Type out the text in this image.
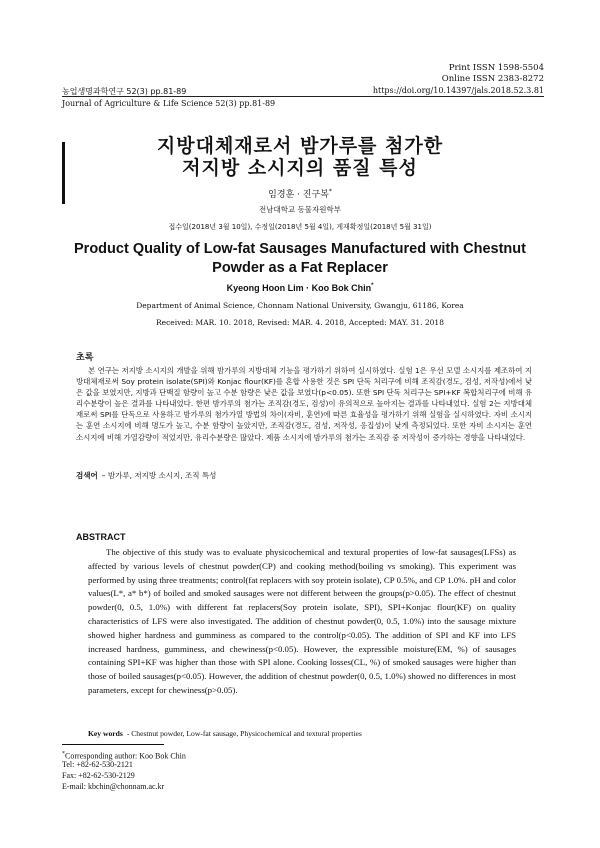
Print ISSN 1598-5504
Online ISSN 2383-8272
농업생명과학연구 52(3) pp.81-89	https://doi.org/10.14397/jals.2018.52.3.81
Journal of Agriculture & Life Science 52(3) pp.81-89
지방대체재로서 밤가루를 첨가한
저지방 소시지의 품질 특성
임경훈 · 진구복*
전남대학교 동물자원학부
접수일(2018년 3월 10일), 수정일(2018년 5월 4일), 게재확정일(2018년 5월 31일)
Product Quality of Low-fat Sausages Manufactured with Chestnut
Powder as a Fat Replacer
Kyeong Hoon Lim · Koo Bok Chin*
Department of Animal Science, Chonnam National University, Gwangju, 61186, Korea
Received: MAR. 10. 2018, Revised: MAR. 4. 2018, Accepted: MAY. 31. 2018
초록

본 연구는 저지방 소시지의 개발을 위해 밤가루의 지방대체 기능을 평가하기 위하여 실시하였다. 실험 1은 우선 모델 소시지를 제조하여 지방대체재로써 Soy protein isolate(SPI)와 Konjac flour(KF)를 혼합 사용한 것은 SPI 단독 처리구에 비해 조직감(경도, 검성, 저작성)에서 낮은 값을 보였지만, 지방과 단백질 함량이 높고 수분 함량은 낮은 값을 보였다(p<0.05). 또한 SPI 단독 처리구는 SPI+KF 복합처리구에 비해 유리수분량이 높은 결과를 나타내었다. 한편 밤가루의 첨가는 조직감(경도, 검성)이 유의적으로 높아지는 결과를 나타내었다. 실험 2는 지방대체재로써 SPI를 단독으로 사용하고 밤가루의 첨가가열 방법의 차이(자비, 훈연)에 따른 효율성을 평가하기 위해 실험을 실시하였다. 자비 소시지는 훈연 소시지에 비해 명도가 높고, 수분 함량이 높았지만, 조직감(경도, 검성, 저작성, 응집성)이 낮게 측정되었다. 또한 자비 소시지는 훈연 소시지에 비해 가열감량이 적었지만, 유리수분량은 많았다. 제품 소시지에 밤가루의 첨가는 조직감 중 저작성이 증가하는 경향을 나타내었다.

검색어 – 밤가루, 저지방 소시지, 조직 특성
ABSTRACT

The objective of this study was to evaluate physicochemical and textural properties of low-fat sausages(LFSs) as affected by various levels of chestnut powder(CP) and cooking method(boiling vs smoking). This experiment was performed by using three treatments; control(fat replacers with soy protein isolate), CP 0.5%, and CP 1.0%. pH and color values(L*, a* b*) of boiled and smoked sausages were not different between the groups(p>0.05). The effect of chestnut powder(0, 0.5, 1.0%) with different fat replacers(Soy protein isolate, SPI), SPI+Konjac flour(KF) on quality characteristics of LFS were also investigated. The addition of chestnut powder(0, 0.5, 1.0%) into the sausage mixture showed higher hardness and gumminess as compared to the control(p<0.05). The addition of SPI and KF into LFS increased hardness, gumminess, and chewiness(p<0.05). However, the expressible moisture(EM, %) of sausages containing SPI+KF was higher than those with SPI alone. Cooking losses(CL, %) of smoked sausages were higher than those of boiled sausages(p<0.05). However, the addition of chestnut powder(0, 0.5, 1.0%) showed no differences in most parameters, except for chewiness(p>0.05).

Key words - Chestnut powder, Low-fat sausage, Physicochemical and textural properties
*Corresponding author: Koo Bok Chin
Tel: +82-62-530-2121
Fax: +82-62-530-2129
E-mail: kbchin@chonnam.ac.kr
